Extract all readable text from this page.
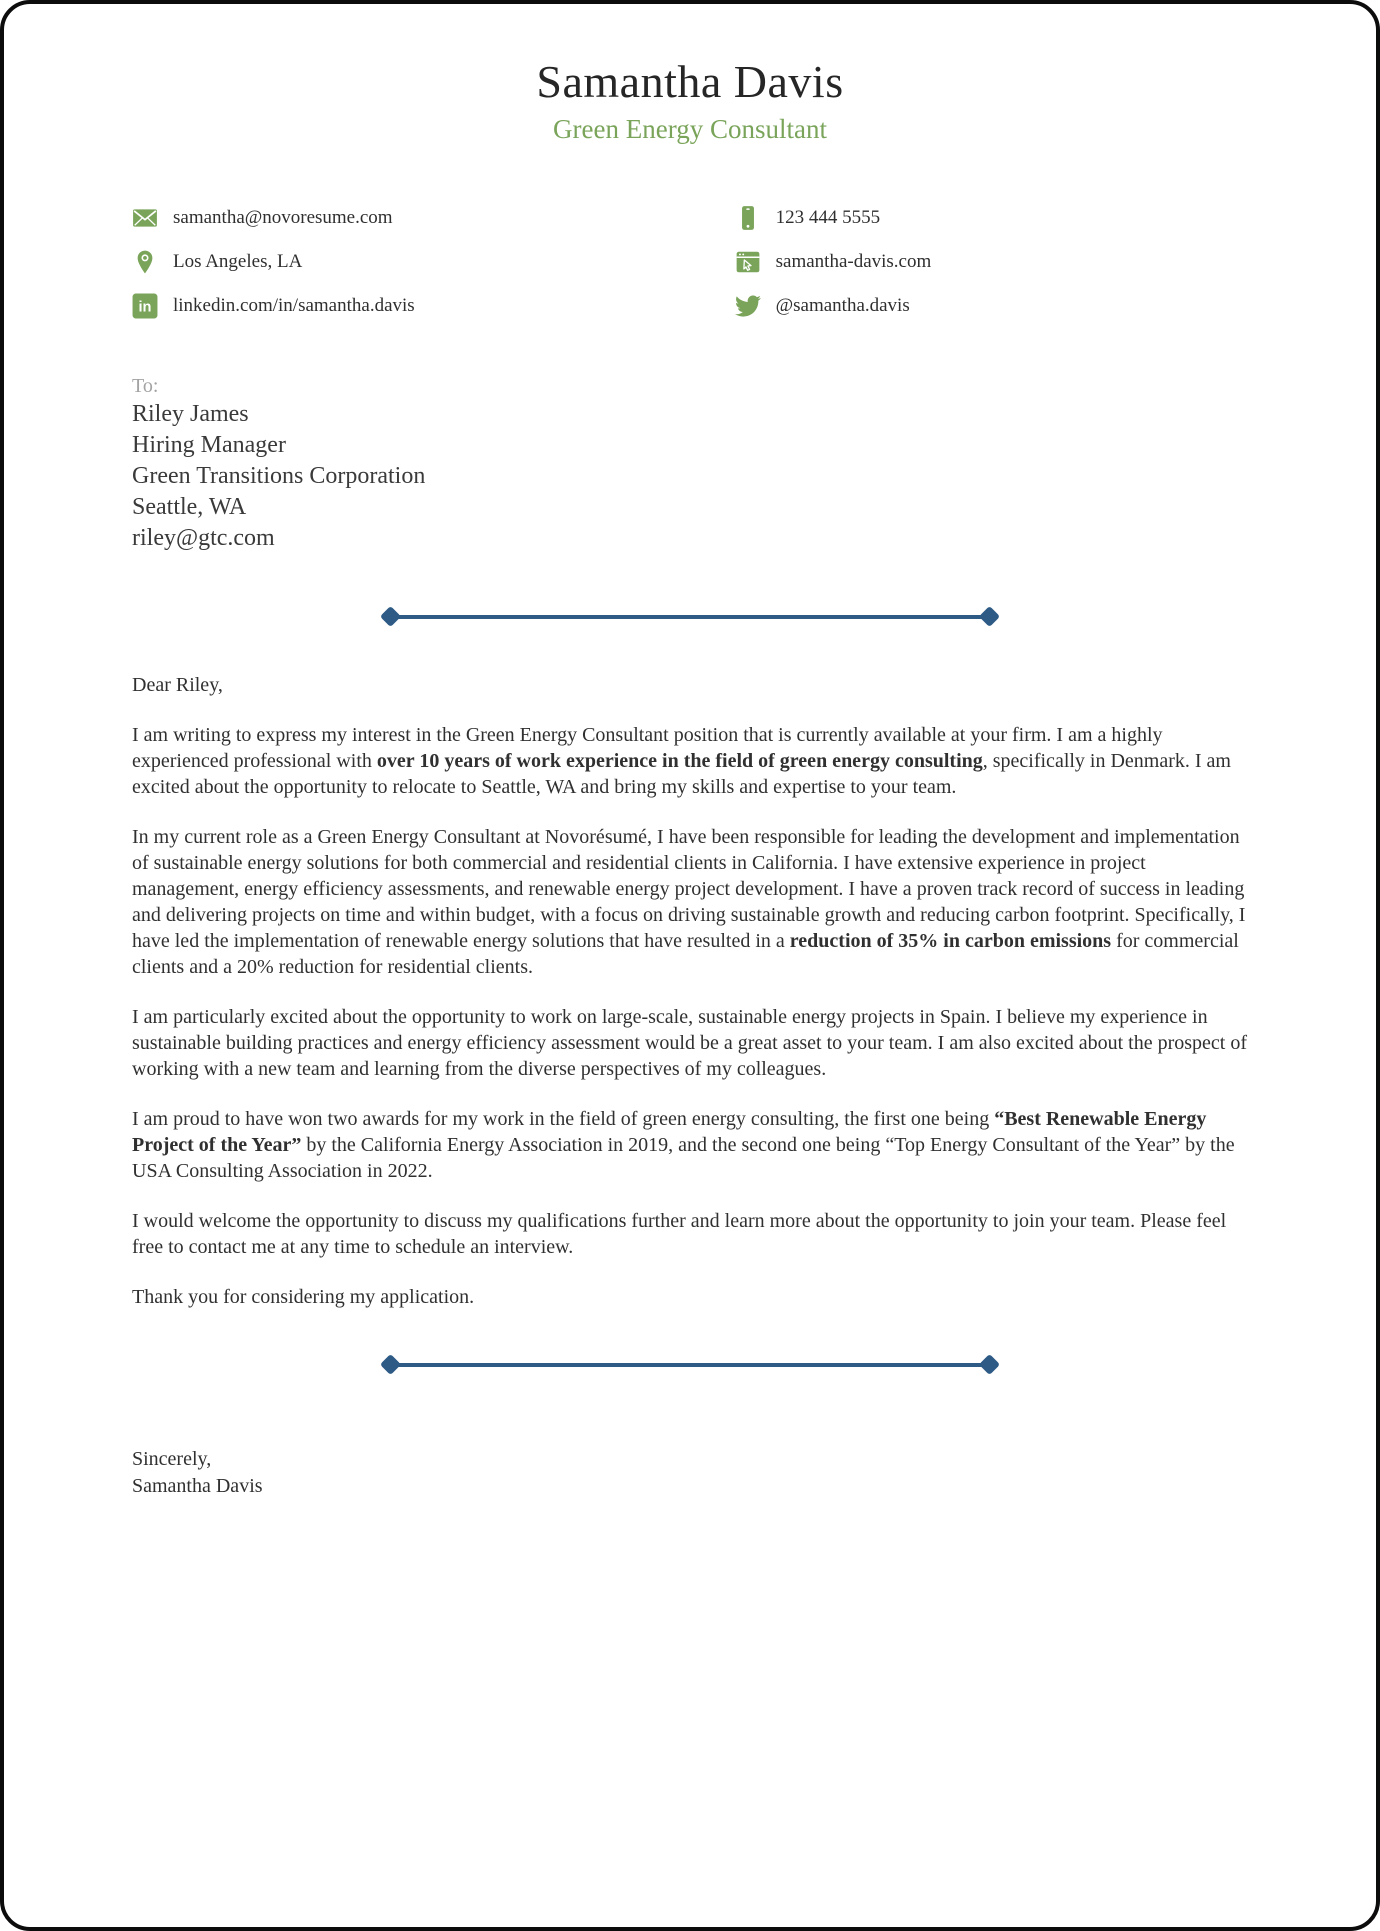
Samantha Davis
Green Energy Consultant
samantha@novoresume.com	123 444 5555
Los Angeles, LA	samantha-davis.com
in linkedin.com/in/samantha.davis	@samantha.davis
To:
Riley James
Hiring Manager
Green Transitions Corporation
Seattle, WA
riley@gtc.com

Dear Riley,

I am writing to express my interest in the Green Energy Consultant position that is currently available at your firm. I am a highly experienced professional with over 10 years of work experience in the field of green energy consulting, specifically in Denmark. I am excited about the opportunity to relocate to Seattle, WA and bring my skills and expertise to your team.

In my current role as a Green Energy Consultant at Novorésumé, I have been responsible for leading the development and implementation of sustainable energy solutions for both commercial and residential clients in California. I have extensive experience in project management, energy efficiency assessments, and renewable energy project development. I have a proven track record of success in leading and delivering projects on time and within budget, with a focus on driving sustainable growth and reducing carbon footprint. Specifically, I have led the implementation of renewable energy solutions that have resulted in a reduction of 35% in carbon emissions for commercial clients and a 20% reduction for residential clients.

I am particularly excited about the opportunity to work on large-scale, sustainable energy projects in Spain. I believe my experience in sustainable building practices and energy efficiency assessment would be a great asset to your team. I am also excited about the prospect of working with a new team and learning from the diverse perspectives of my colleagues.

I am proud to have won two awards for my work in the field of green energy consulting, the first one being “Best Renewable Energy Project of the Year” by the California Energy Association in 2019, and the second one being “Top Energy Consultant of the Year” by the USA Consulting Association in 2022.

I would welcome the opportunity to discuss my qualifications further and learn more about the opportunity to join your team. Please feel free to contact me at any time to schedule an interview.

Thank you for considering my application.

Sincerely,
Samantha Davis
